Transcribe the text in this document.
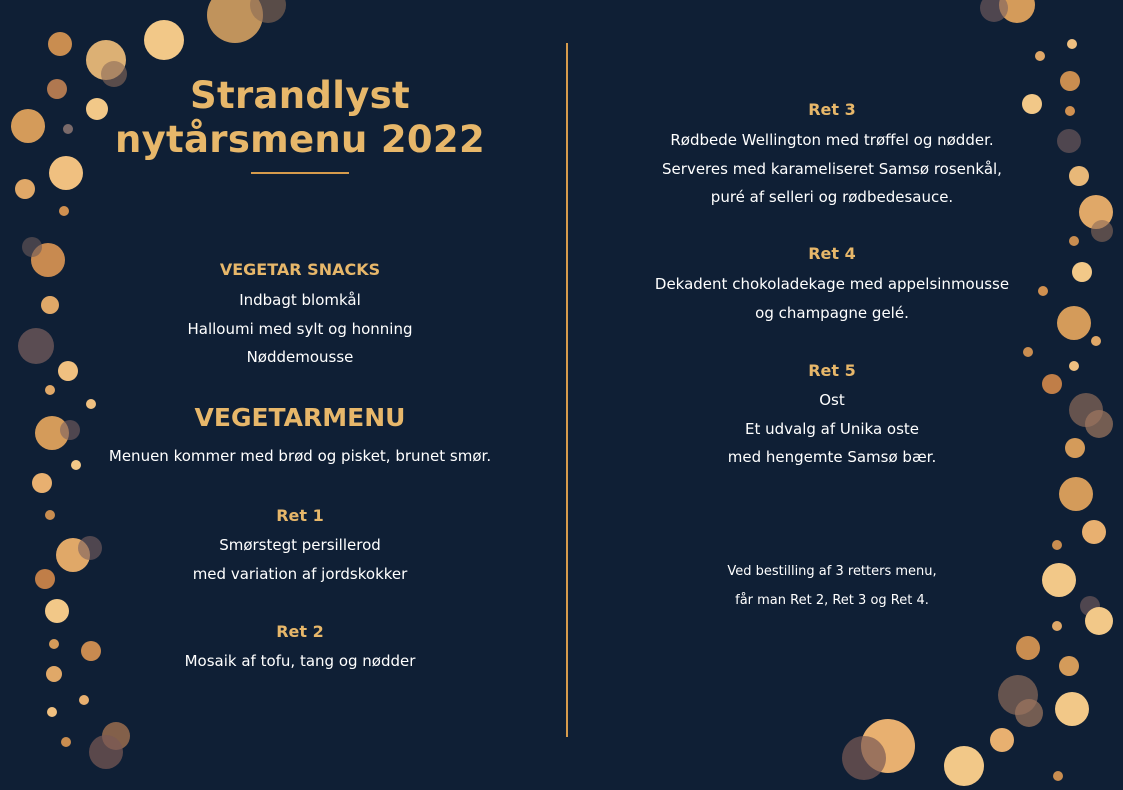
Strandlyst
nytårsmenu 2022
VEGETAR SNACKS
Indbagt blomkål
Halloumi med sylt og honning
Nøddemousse
VEGETARMENU
Menuen kommer med brød og pisket, brunet smør.
Ret 1
Smørstegt persillerod
med variation af jordskokker
Ret 2
Mosaik af tofu, tang og nødder
Ret 3
Rødbede Wellington med trøffel og nødder.
Serveres med karameliseret Samsø rosenkål,
puré af selleri og rødbedesauce.
Ret 4
Dekadent chokoladekage med appelsinmousse
og champagne gelé.
Ret 5
Ost
Et udvalg af Unika oste
med hengemte Samsø bær.
Ved bestilling af 3 retters menu,
får man Ret 2, Ret 3 og Ret 4.
